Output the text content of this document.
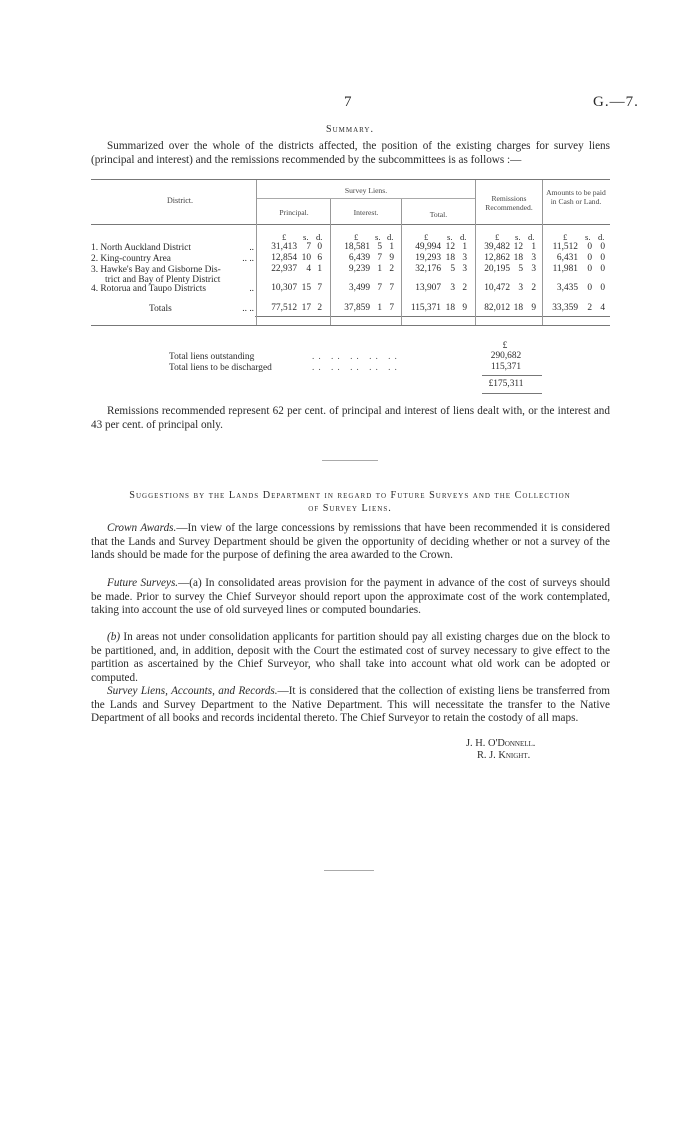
7	G.—7.
Summary.
Summarized over the whole of the districts affected, the position of the existing charges for survey liens (principal and interest) and the remissions recommended by the subcommittees is as follows :—
District.
Survey Liens.
Principal.	Interest.	Total.
Remissions Recommended.
Amounts to be paid in Cash or Land.
£ s. d.	£ s. d.	£ s. d.	£ s. d.	£ s. d.
1. North Auckland District	..	31,413 7 0	18,581 5 1	49,994 12 1	39,482 12 1	11,512 0 0
2. King-country Area	.. ..	12,854 10 6	6,439 7 9	19,293 18 3	12,862 18 3	6,431 0 0
3. Hawke's Bay and Gisborne Dis-
trict and Bay of Plenty District
22,937 4 1	9,239 1 2	32,176 5 3	20,195 5 3	11,981 0 0
4. Rotorua and Taupo Districts	..	10,307 15 7	3,499 7 7	13,907 3 2	10,472 3 2	3,435 0 0
Totals	.. ..	77,512 17 2	37,859 1 7	115,371 18 9	82,012 18 9	33,359 2 4
£
Total liens outstanding	.. .. .. .. ..	290,682
Total liens to be discharged	.. .. .. .. ..	115,371
£175,311
Remissions recommended represent 62 per cent. of principal and interest of liens dealt with, or the interest and 43 per cent. of principal only.
Suggestions by the Lands Department in regard to Future Surveys and the Collection
of Survey Liens.
Crown Awards.—In view of the large concessions by remissions that have been recommended it is considered that the Lands and Survey Department should be given the opportunity of deciding whether or not a survey of the lands should be made for the purpose of defining the area awarded to the Crown.
Future Surveys.—(a) In consolidated areas provision for the payment in advance of the cost of surveys should be made. Prior to survey the Chief Surveyor should report upon the approximate cost of the work contemplated, taking into account the use of old surveyed lines or computed boundaries.
(b) In areas not under consolidation applicants for partition should pay all existing charges due on the block to be partitioned, and, in addition, deposit with the Court the estimated cost of survey necessary to give effect to the partition as ascertained by the Chief Surveyor, who shall take into account what old work can be adopted or computed.
Survey Liens, Accounts, and Records.—It is considered that the collection of existing liens be transferred from the Lands and Survey Department to the Native Department. This will necessitate the transfer to the Native Department of all books and records incidental thereto. The Chief Surveyor to retain the costody of all maps.
J. H. O'Donnell.
R. J. Knight.
